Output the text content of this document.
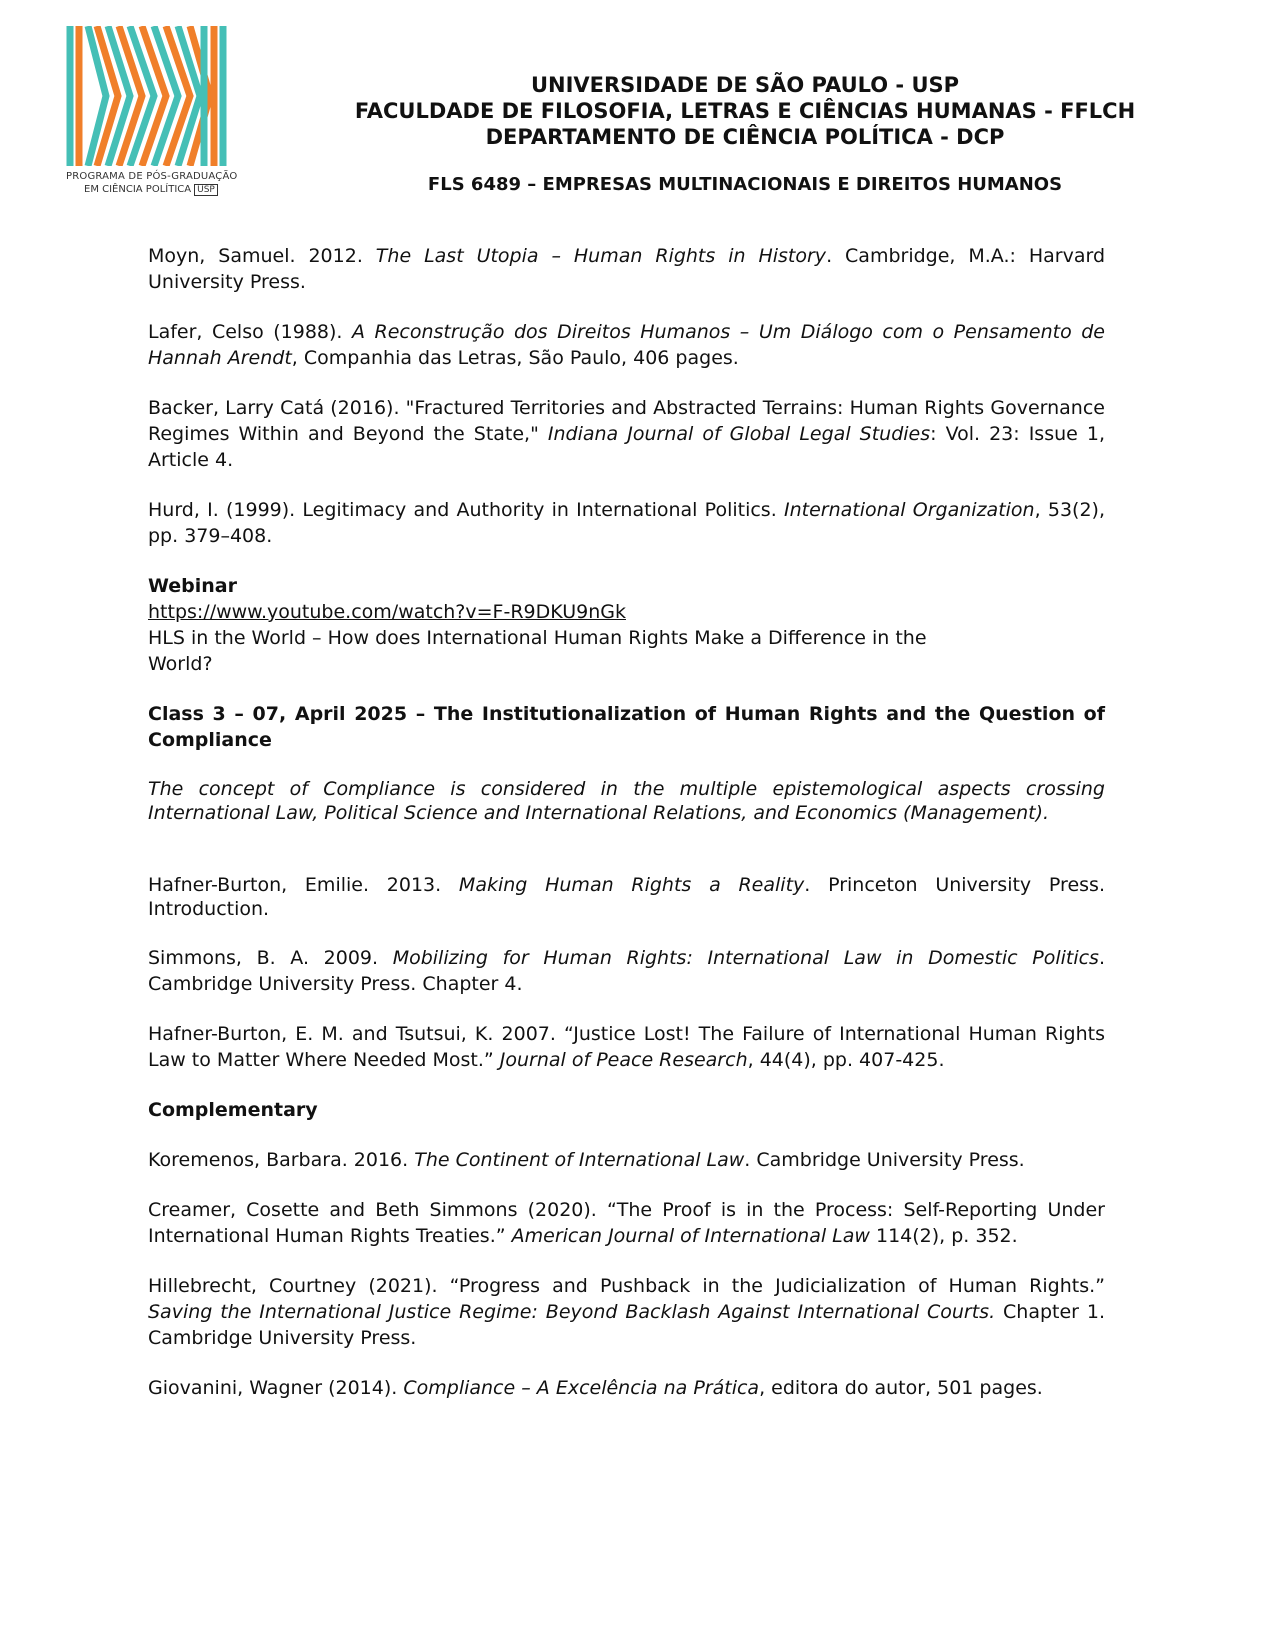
PROGRAMA DE PÓS-GRADUAÇÃO
EM CIÊNCIA POLÍTICA USP
UNIVERSIDADE DE SÃO PAULO - USP
FACULDADE DE FILOSOFIA, LETRAS E CIÊNCIAS HUMANAS - FFLCH
DEPARTAMENTO DE CIÊNCIA POLÍTICA - DCP
FLS 6489 – EMPRESAS MULTINACIONAIS E DIREITOS HUMANOS

Moyn, Samuel. 2012. The Last Utopia – Human Rights in History. Cambridge, M.A.: Harvard University Press.

Lafer, Celso (1988). A Reconstrução dos Direitos Humanos – Um Diálogo com o Pensamento de Hannah Arendt, Companhia das Letras, São Paulo, 406 pages.

Backer, Larry Catá (2016). "Fractured Territories and Abstracted Terrains: Human Rights Governance Regimes Within and Beyond the State," Indiana Journal of Global Legal Studies: Vol. 23: Issue 1, Article 4.

Hurd, I. (1999). Legitimacy and Authority in International Politics. International Organization, 53(2), pp. 379–408.

Webinar
https://www.youtube.com/watch?v=F-R9DKU9nGk
HLS in the World – How does International Human Rights Make a Difference in the
World?

Class 3 – 07, April 2025 – The Institutionalization of Human Rights and the Question of Compliance

The concept of Compliance is considered in the multiple epistemological aspects crossing International Law, Political Science and International Relations, and Economics (Management).

Hafner-Burton, Emilie. 2013. Making Human Rights a Reality. Princeton University Press. Introduction.

Simmons, B. A. 2009. Mobilizing for Human Rights: International Law in Domestic Politics. Cambridge University Press. Chapter 4.

Hafner-Burton, E. M. and Tsutsui, K. 2007. “Justice Lost! The Failure of International Human Rights Law to Matter Where Needed Most.” Journal of Peace Research, 44(4), pp. 407-425.

Complementary

Koremenos, Barbara. 2016. The Continent of International Law. Cambridge University Press.

Creamer, Cosette and Beth Simmons (2020). “The Proof is in the Process: Self-Reporting Under International Human Rights Treaties.” American Journal of International Law 114(2), p. 352.

Hillebrecht, Courtney (2021). “Progress and Pushback in the Judicialization of Human Rights.” Saving the International Justice Regime: Beyond Backlash Against International Courts. Chapter 1. Cambridge University Press.

Giovanini, Wagner (2014). Compliance – A Excelência na Prática, editora do autor, 501 pages.
